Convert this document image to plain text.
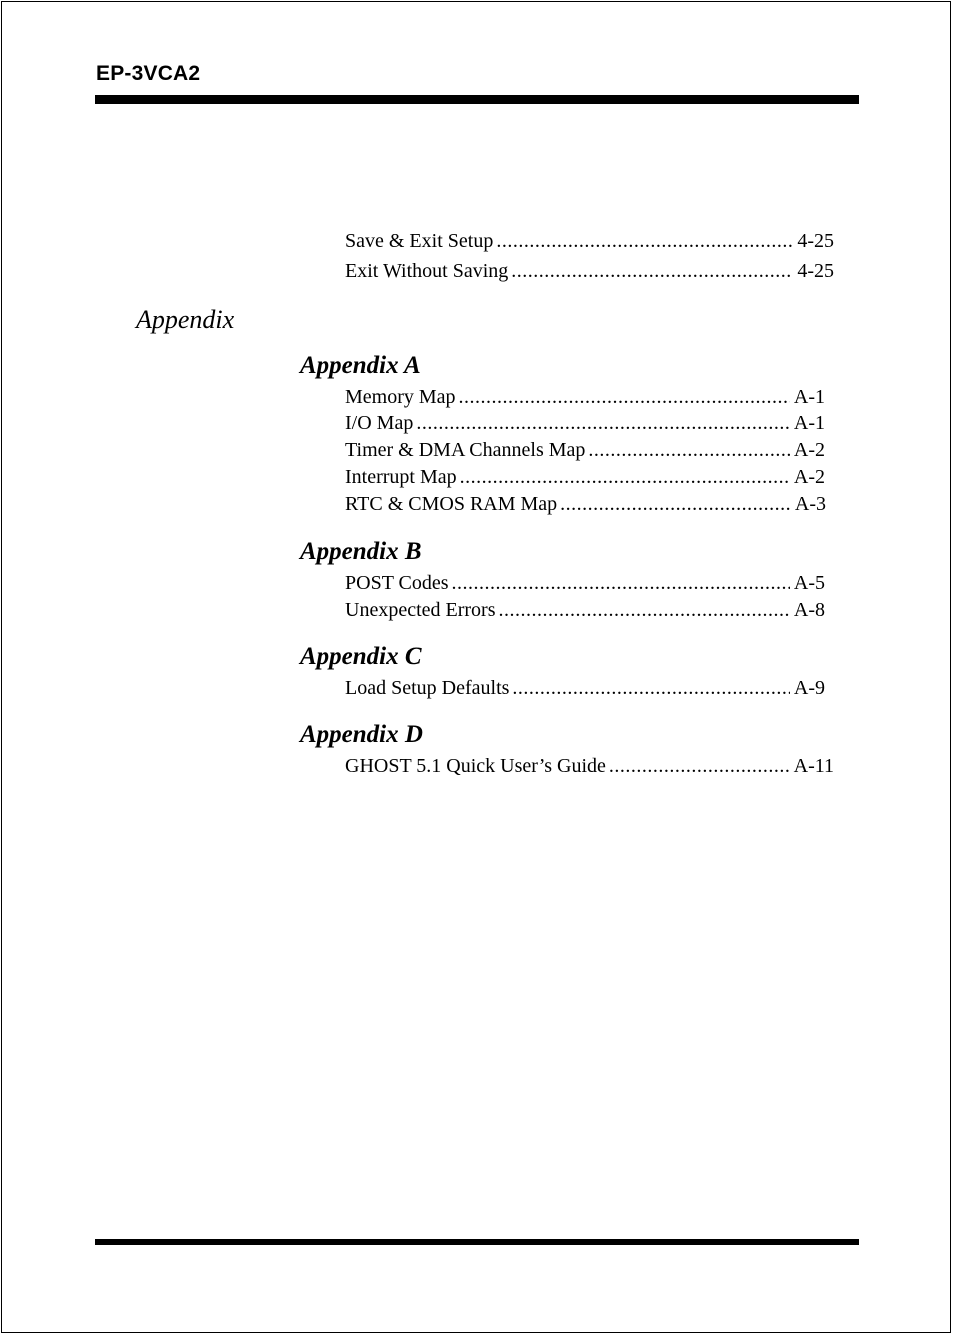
EP-3VCA2
Save & Exit Setup .....	4-25
Exit Without Saving .....	4-25
Appendix
Appendix A
Memory Map .....	A-1
I/O Map .....	A-1
Timer & DMA Channels Map .....	A-2
Interrupt Map .....	A-2
RTC & CMOS RAM Map .....	A-3
Appendix B
POST Codes .....	A-5
Unexpected Errors .....	A-8
Appendix C
Load Setup Defaults .....	A-9
Appendix D
GHOST 5.1 Quick User’s Guide .....	A-11
